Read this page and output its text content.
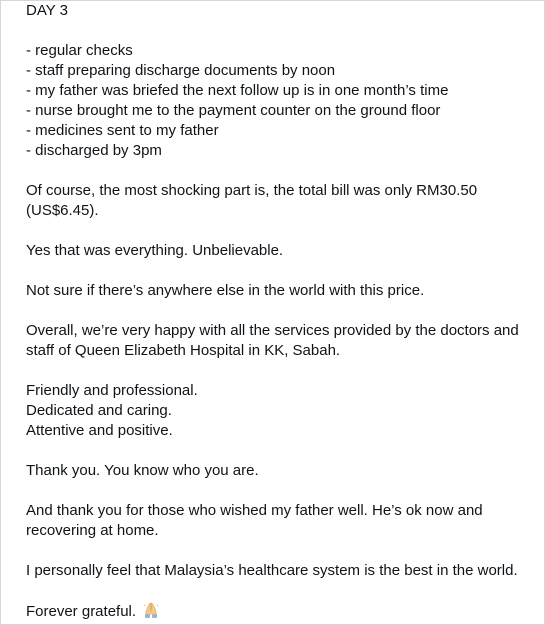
DAY 3
- regular checks
- staff preparing discharge documents by noon
- my father was briefed the next follow up is in one month’s time
- nurse brought me to the payment counter on the ground floor
- medicines sent to my father
- discharged by 3pm
Of course, the most shocking part is, the total bill was only RM30.50
(US$6.45).
Yes that was everything. Unbelievable.
Not sure if there’s anywhere else in the world with this price.
Overall, we’re very happy with all the services provided by the doctors and
staff of Queen Elizabeth Hospital in KK, Sabah.
Friendly and professional.
Dedicated and caring.
Attentive and positive.
Thank you. You know who you are.
And thank you for those who wished my father well. He’s ok now and
recovering at home.
I personally feel that Malaysia’s healthcare system is the best in the world.
Forever grateful.
